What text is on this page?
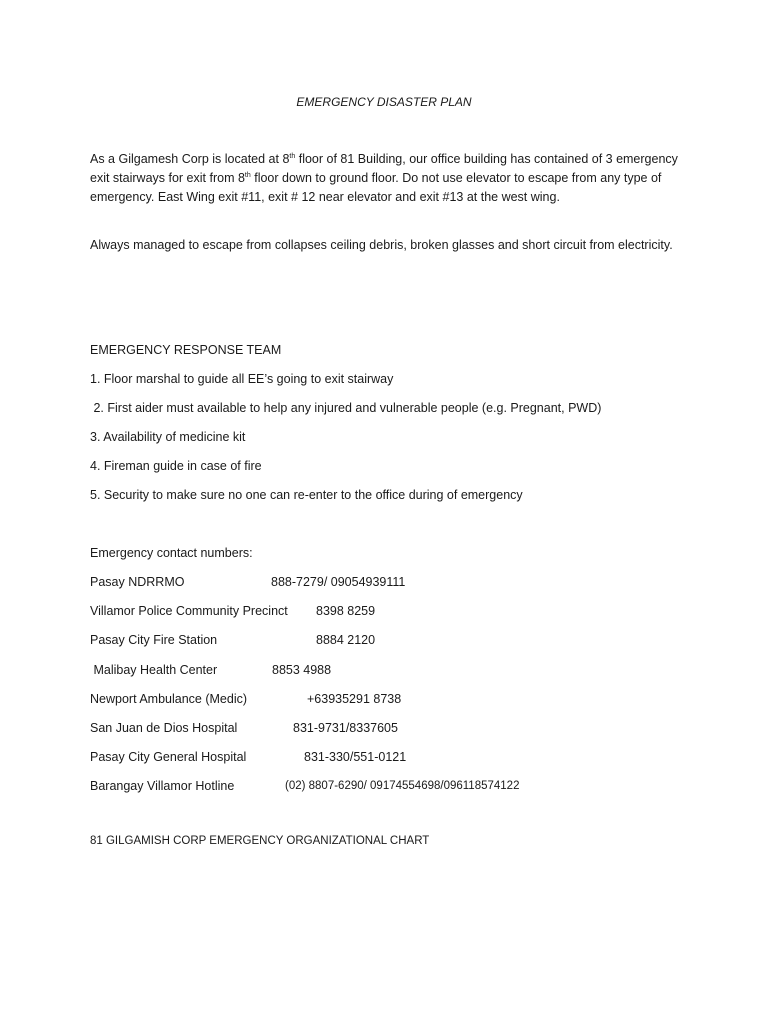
EMERGENCY DISASTER PLAN
As a Gilgamesh Corp is located at 8th floor of 81 Building, our office building has contained of 3 emergency exit stairways for exit from 8th floor down to ground floor. Do not use elevator to escape from any type of emergency. East Wing exit #11, exit # 12 near elevator and exit #13 at the west wing.
Always managed to escape from collapses ceiling debris, broken glasses and short circuit from electricity.
EMERGENCY RESPONSE TEAM
1. Floor marshal to guide all EE’s going to exit stairway
2. First aider must available to help any injured and vulnerable people (e.g. Pregnant, PWD)
3. Availability of medicine kit
4. Fireman guide in case of fire
5. Security to make sure no one can re-enter to the office during of emergency
Emergency contact numbers:
Pasay NDRRMO	888-7279/ 09054939111
Villamor Police Community Precinct 8398 8259
Pasay City Fire Station	8884 2120
Malibay Health Center	8853 4988
Newport Ambulance (Medic)	+63935291 8738
San Juan de Dios Hospital	831-9731/8337605
Pasay City General Hospital	831-330/551-0121
Barangay Villamor Hotline	(02) 8807-6290/ 09174554698/096118574122
81 GILGAMISH CORP EMERGENCY ORGANIZATIONAL CHART
